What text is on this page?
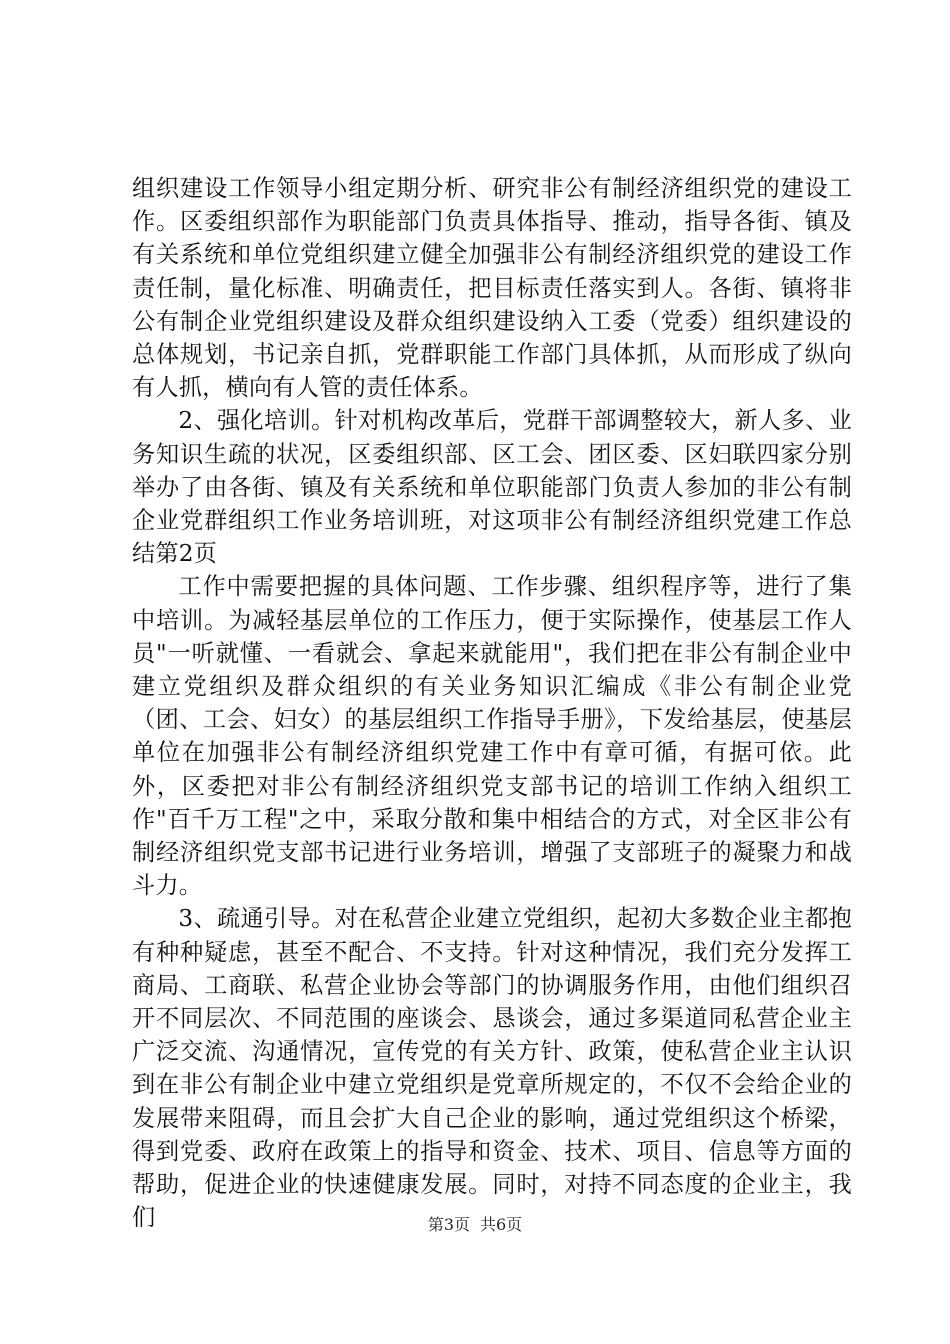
组织建设工作领导小组定期分析、研究非公有制经济组织党的建设工作。区委组织部作为职能部门负责具体指导、推动，指导各街、镇及有关系统和单位党组织建立健全加强非公有制经济组织党的建设工作责任制，量化标准、明确责任，把目标责任落实到人。各街、镇将非公有制企业党组织建设及群众组织建设纳入工委（党委）组织建设的总体规划，书记亲自抓，党群职能工作部门具体抓，从而形成了纵向有人抓，横向有人管的责任体系。

2、强化培训。针对机构改革后，党群干部调整较大，新人多、业务知识生疏的状况，区委组织部、区工会、团区委、区妇联四家分别举办了由各街、镇及有关系统和单位职能部门负责人参加的非公有制企业党群组织工作业务培训班，对这项非公有制经济组织党建工作总结第2页

工作中需要把握的具体问题、工作步骤、组织程序等，进行了集中培训。为减轻基层单位的工作压力，便于实际操作，使基层工作人员"一听就懂、一看就会、拿起来就能用"，我们把在非公有制企业中建立党组织及群众组织的有关业务知识汇编成《非公有制企业党（团、工会、妇女）的基层组织工作指导手册》，下发给基层，使基层单位在加强非公有制经济组织党建工作中有章可循，有据可依。此外，区委把对非公有制经济组织党支部书记的培训工作纳入组织工作"百千万工程"之中，采取分散和集中相结合的方式，对全区非公有制经济组织党支部书记进行业务培训，增强了支部班子的凝聚力和战斗力。

3、疏通引导。对在私营企业建立党组织，起初大多数企业主都抱有种种疑虑，甚至不配合、不支持。针对这种情况，我们充分发挥工商局、工商联、私营企业协会等部门的协调服务作用，由他们组织召开不同层次、不同范围的座谈会、恳谈会，通过多渠道同私营企业主广泛交流、沟通情况，宣传党的有关方针、政策，使私营企业主认识到在非公有制企业中建立党组织是党章所规定的，不仅不会给企业的发展带来阻碍，而且会扩大自己企业的影响，通过党组织这个桥梁，得到党委、政府在政策上的指导和资金、技术、项目、信息等方面的帮助，促进企业的快速健康发展。同时，对持不同态度的企业主，我们	第3页 共6页
